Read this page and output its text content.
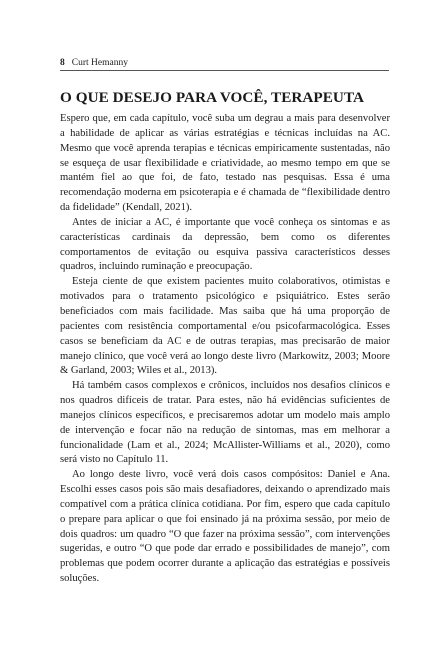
8 Curt Hemanny
O QUE DESEJO PARA VOCÊ, TERAPEUTA

Espero que, em cada capítulo, você suba um degrau a mais para desenvolver a habilidade de aplicar as várias estratégias e técnicas incluídas na AC. Mesmo que você aprenda terapias e técnicas empiricamente sustentadas, não se esqueça de usar flexibilidade e criatividade, ao mesmo tempo em que se mantém fiel ao que foi, de fato, testado nas pesquisas. Essa é uma recomendação moderna em psicoterapia e é chamada de “flexibilidade dentro da fidelidade” (Kendall, 2021).

Antes de iniciar a AC, é importante que você conheça os sintomas e as características cardinais da depressão, bem como os diferentes comportamentos de evitação ou esquiva passiva característicos desses quadros, incluindo ruminação e preocupação.

Esteja ciente de que existem pacientes muito colaborativos, otimistas e motivados para o tratamento psicológico e psiquiátrico. Estes serão beneficiados com mais facilidade. Mas saiba que há uma proporção de pacientes com resistência comportamental e/ou psicofarmacológica. Esses casos se beneficiam da AC e de outras terapias, mas precisarão de maior manejo clínico, que você verá ao longo deste livro (Markowitz, 2003; Moore & Garland, 2003; Wiles et al., 2013).

Há também casos complexos e crônicos, incluídos nos desafios clínicos e nos quadros difíceis de tratar. Para estes, não há evidências suficientes de manejos clínicos específicos, e precisaremos adotar um modelo mais amplo de intervenção e focar não na redução de sintomas, mas em melhorar a funcionalidade (Lam et al., 2024; McAllister-Williams et al., 2020), como será visto no Capítulo 11.

Ao longo deste livro, você verá dois casos compósitos: Daniel e Ana. Escolhi esses casos pois são mais desafiadores, deixando o aprendizado mais compatível com a prática clínica cotidiana. Por fim, espero que cada capítulo o prepare para aplicar o que foi ensinado já na próxima sessão, por meio de dois quadros: um quadro “O que fazer na próxima sessão”, com intervenções sugeridas, e outro “O que pode dar errado e possibilidades de manejo”, com problemas que podem ocorrer durante a aplicação das estratégias e possíveis soluções.
